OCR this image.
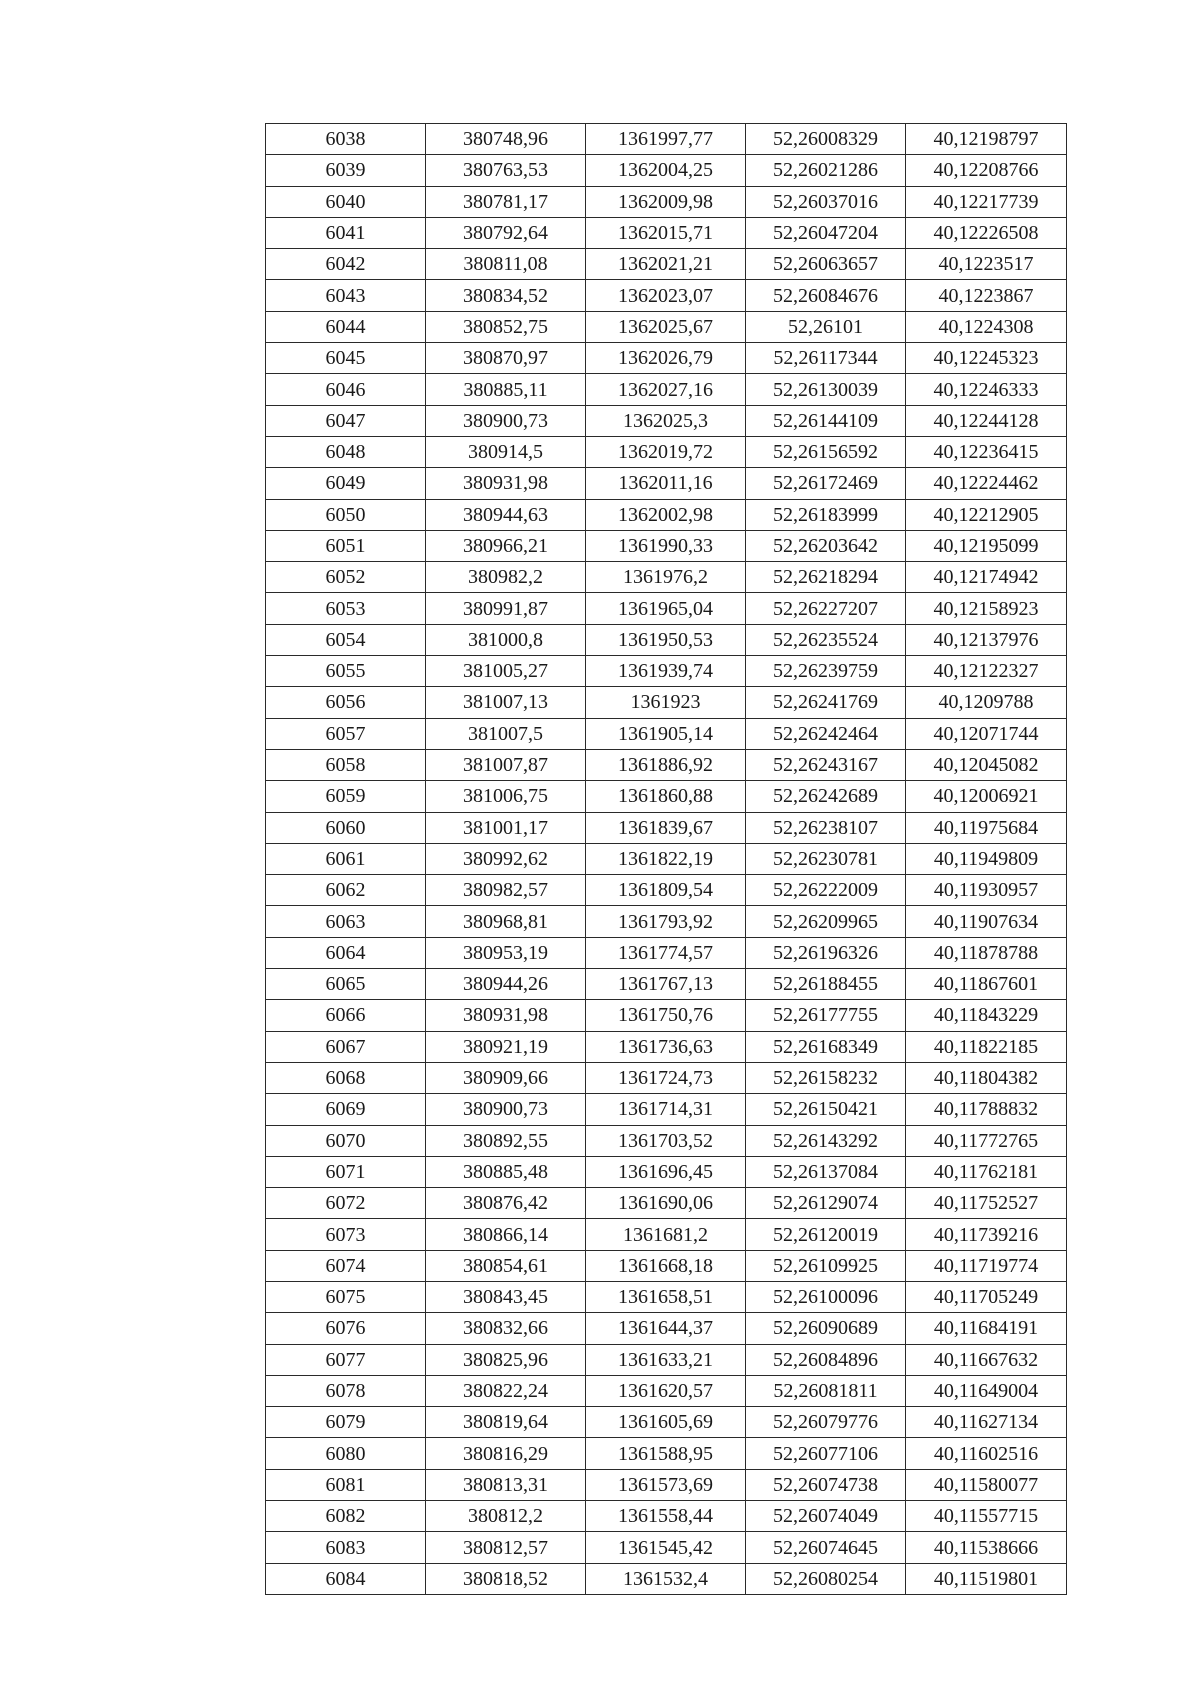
6038	380748,96	1361997,77	52,26008329	40,12198797
6039	380763,53	1362004,25	52,26021286	40,12208766
6040	380781,17	1362009,98	52,26037016	40,12217739
6041	380792,64	1362015,71	52,26047204	40,12226508
6042	380811,08	1362021,21	52,26063657	40,1223517
6043	380834,52	1362023,07	52,26084676	40,1223867
6044	380852,75	1362025,67	52,26101	40,1224308
6045	380870,97	1362026,79	52,26117344	40,12245323
6046	380885,11	1362027,16	52,26130039	40,12246333
6047	380900,73	1362025,3	52,26144109	40,12244128
6048	380914,5	1362019,72	52,26156592	40,12236415
6049	380931,98	1362011,16	52,26172469	40,12224462
6050	380944,63	1362002,98	52,26183999	40,12212905
6051	380966,21	1361990,33	52,26203642	40,12195099
6052	380982,2	1361976,2	52,26218294	40,12174942
6053	380991,87	1361965,04	52,26227207	40,12158923
6054	381000,8	1361950,53	52,26235524	40,12137976
6055	381005,27	1361939,74	52,26239759	40,12122327
6056	381007,13	1361923	52,26241769	40,1209788
6057	381007,5	1361905,14	52,26242464	40,12071744
6058	381007,87	1361886,92	52,26243167	40,12045082
6059	381006,75	1361860,88	52,26242689	40,12006921
6060	381001,17	1361839,67	52,26238107	40,11975684
6061	380992,62	1361822,19	52,26230781	40,11949809
6062	380982,57	1361809,54	52,26222009	40,11930957
6063	380968,81	1361793,92	52,26209965	40,11907634
6064	380953,19	1361774,57	52,26196326	40,11878788
6065	380944,26	1361767,13	52,26188455	40,11867601
6066	380931,98	1361750,76	52,26177755	40,11843229
6067	380921,19	1361736,63	52,26168349	40,11822185
6068	380909,66	1361724,73	52,26158232	40,11804382
6069	380900,73	1361714,31	52,26150421	40,11788832
6070	380892,55	1361703,52	52,26143292	40,11772765
6071	380885,48	1361696,45	52,26137084	40,11762181
6072	380876,42	1361690,06	52,26129074	40,11752527
6073	380866,14	1361681,2	52,26120019	40,11739216
6074	380854,61	1361668,18	52,26109925	40,11719774
6075	380843,45	1361658,51	52,26100096	40,11705249
6076	380832,66	1361644,37	52,26090689	40,11684191
6077	380825,96	1361633,21	52,26084896	40,11667632
6078	380822,24	1361620,57	52,26081811	40,11649004
6079	380819,64	1361605,69	52,26079776	40,11627134
6080	380816,29	1361588,95	52,26077106	40,11602516
6081	380813,31	1361573,69	52,26074738	40,11580077
6082	380812,2	1361558,44	52,26074049	40,11557715
6083	380812,57	1361545,42	52,26074645	40,11538666
6084	380818,52	1361532,4	52,26080254	40,11519801
